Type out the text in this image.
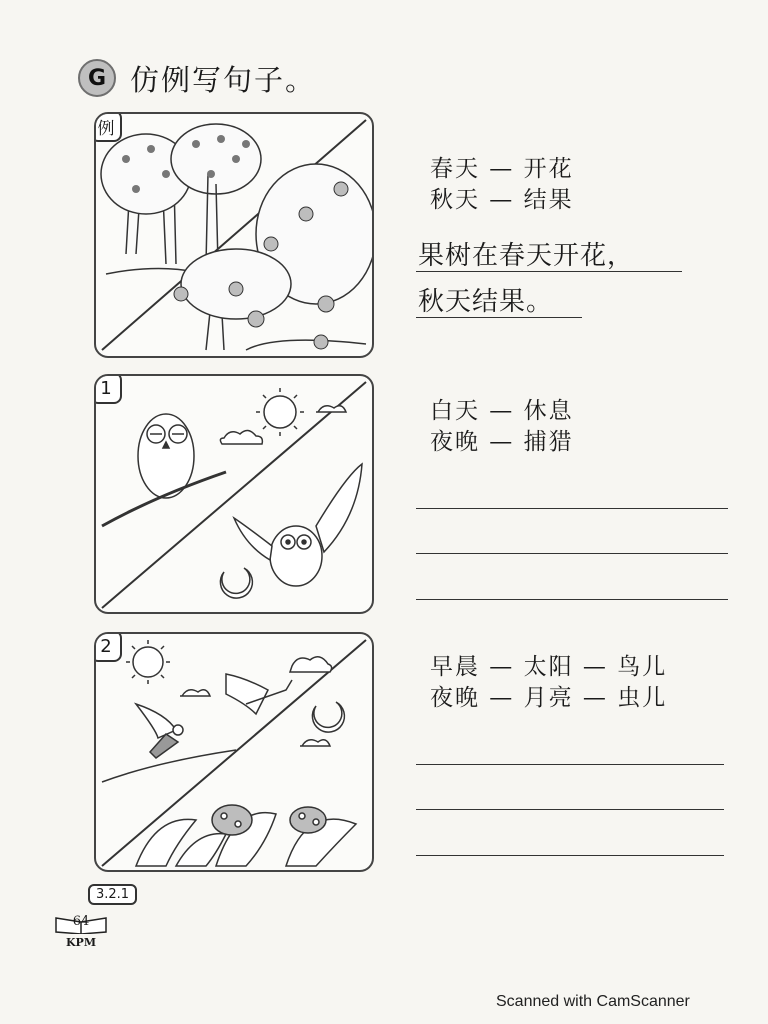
G 仿例写句子。
例
春天 — 开花
秋天 — 结果
果树在春天开花，
秋天结果。
1
白天 — 休息
夜晚 — 捕猎
2
早晨 — 太阳 — 鸟儿
夜晚 — 月亮 — 虫儿
3.2.1
64
KPM
Scanned with CamScanner
